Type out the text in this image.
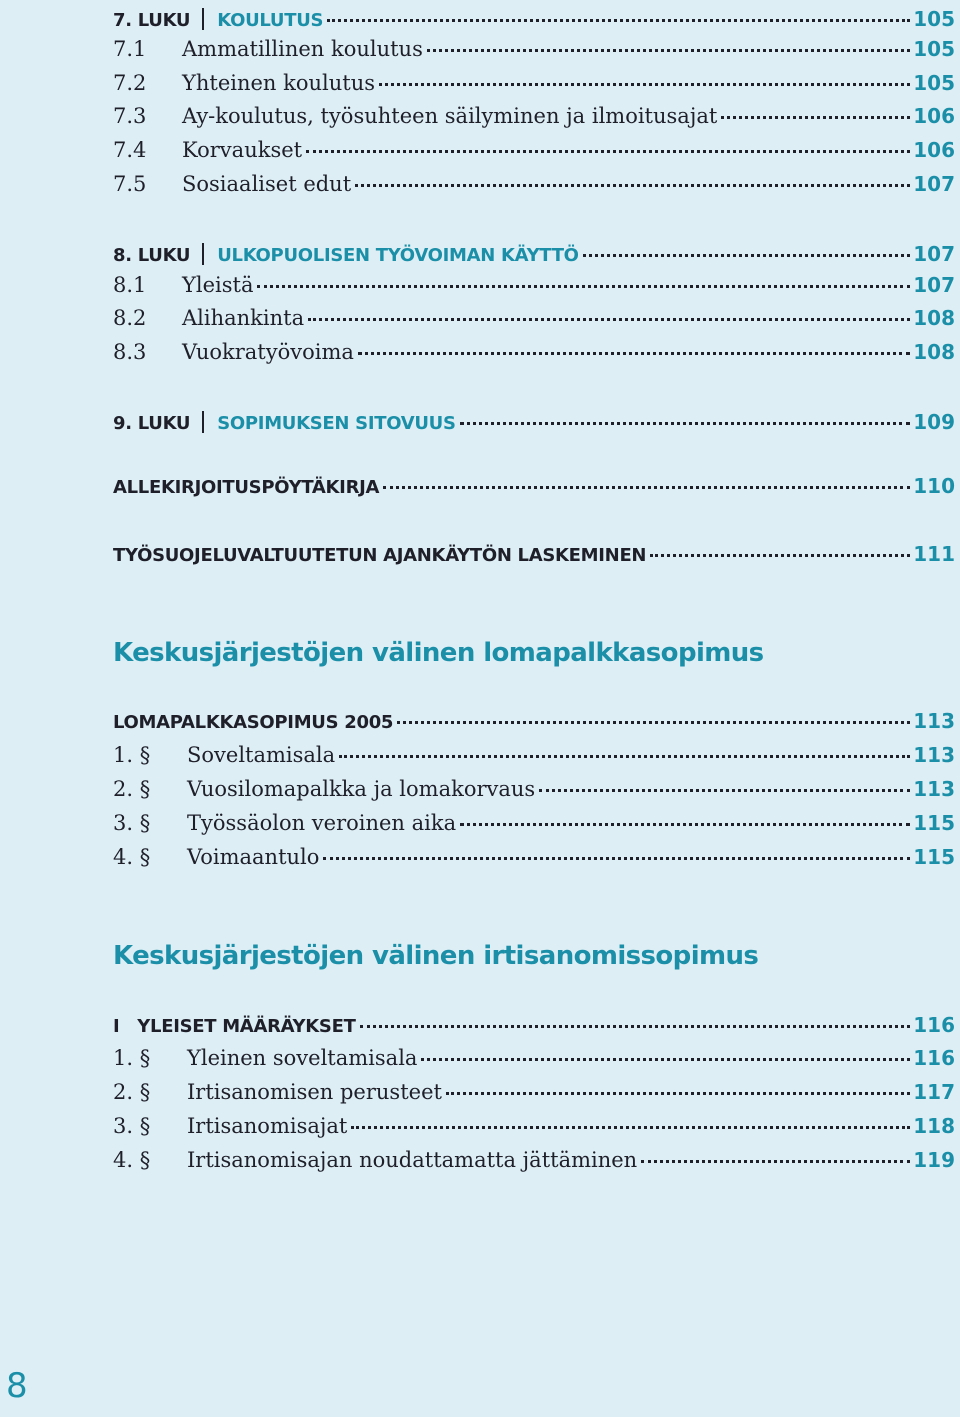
7. LUKU KOULUTUS	105
7.1	Ammatillinen koulutus	105
7.2	Yhteinen koulutus	105
7.3	Ay-koulutus, työsuhteen säilyminen ja ilmoitusajat	106
7.4	Korvaukset	106
7.5	Sosiaaliset edut	107
8. LUKU ULKOPUOLISEN TYÖVOIMAN KÄYTTÖ	107
8.1	Yleistä	107
8.2	Alihankinta	108
8.3	Vuokratyövoima	108
9. LUKU SOPIMUKSEN SITOVUUS	109
ALLEKIRJOITUSPÖYTÄKIRJA	110
TYÖSUOJELUVALTUUTETUN AJANKÄYTÖN LASKEMINEN	111
LOMAPALKKASOPIMUS 2005	113
1. §	Soveltamisala	113
2. §	Vuosilomapalkka ja lomakorvaus	113
3. §	Työssäolon veroinen aika	115
4. §	Voimaantulo	115
I   YLEISET MÄÄRÄYKSET	116
1. §	Yleinen soveltamisala	116
2. §	Irtisanomisen perusteet	117
3. §	Irtisanomisajat	118
4. §	Irtisanomisajan noudattamatta jättäminen	119
Keskusjärjestöjen välinen lomapalkkasopimus
Keskusjärjestöjen välinen irtisanomissopimus
8
